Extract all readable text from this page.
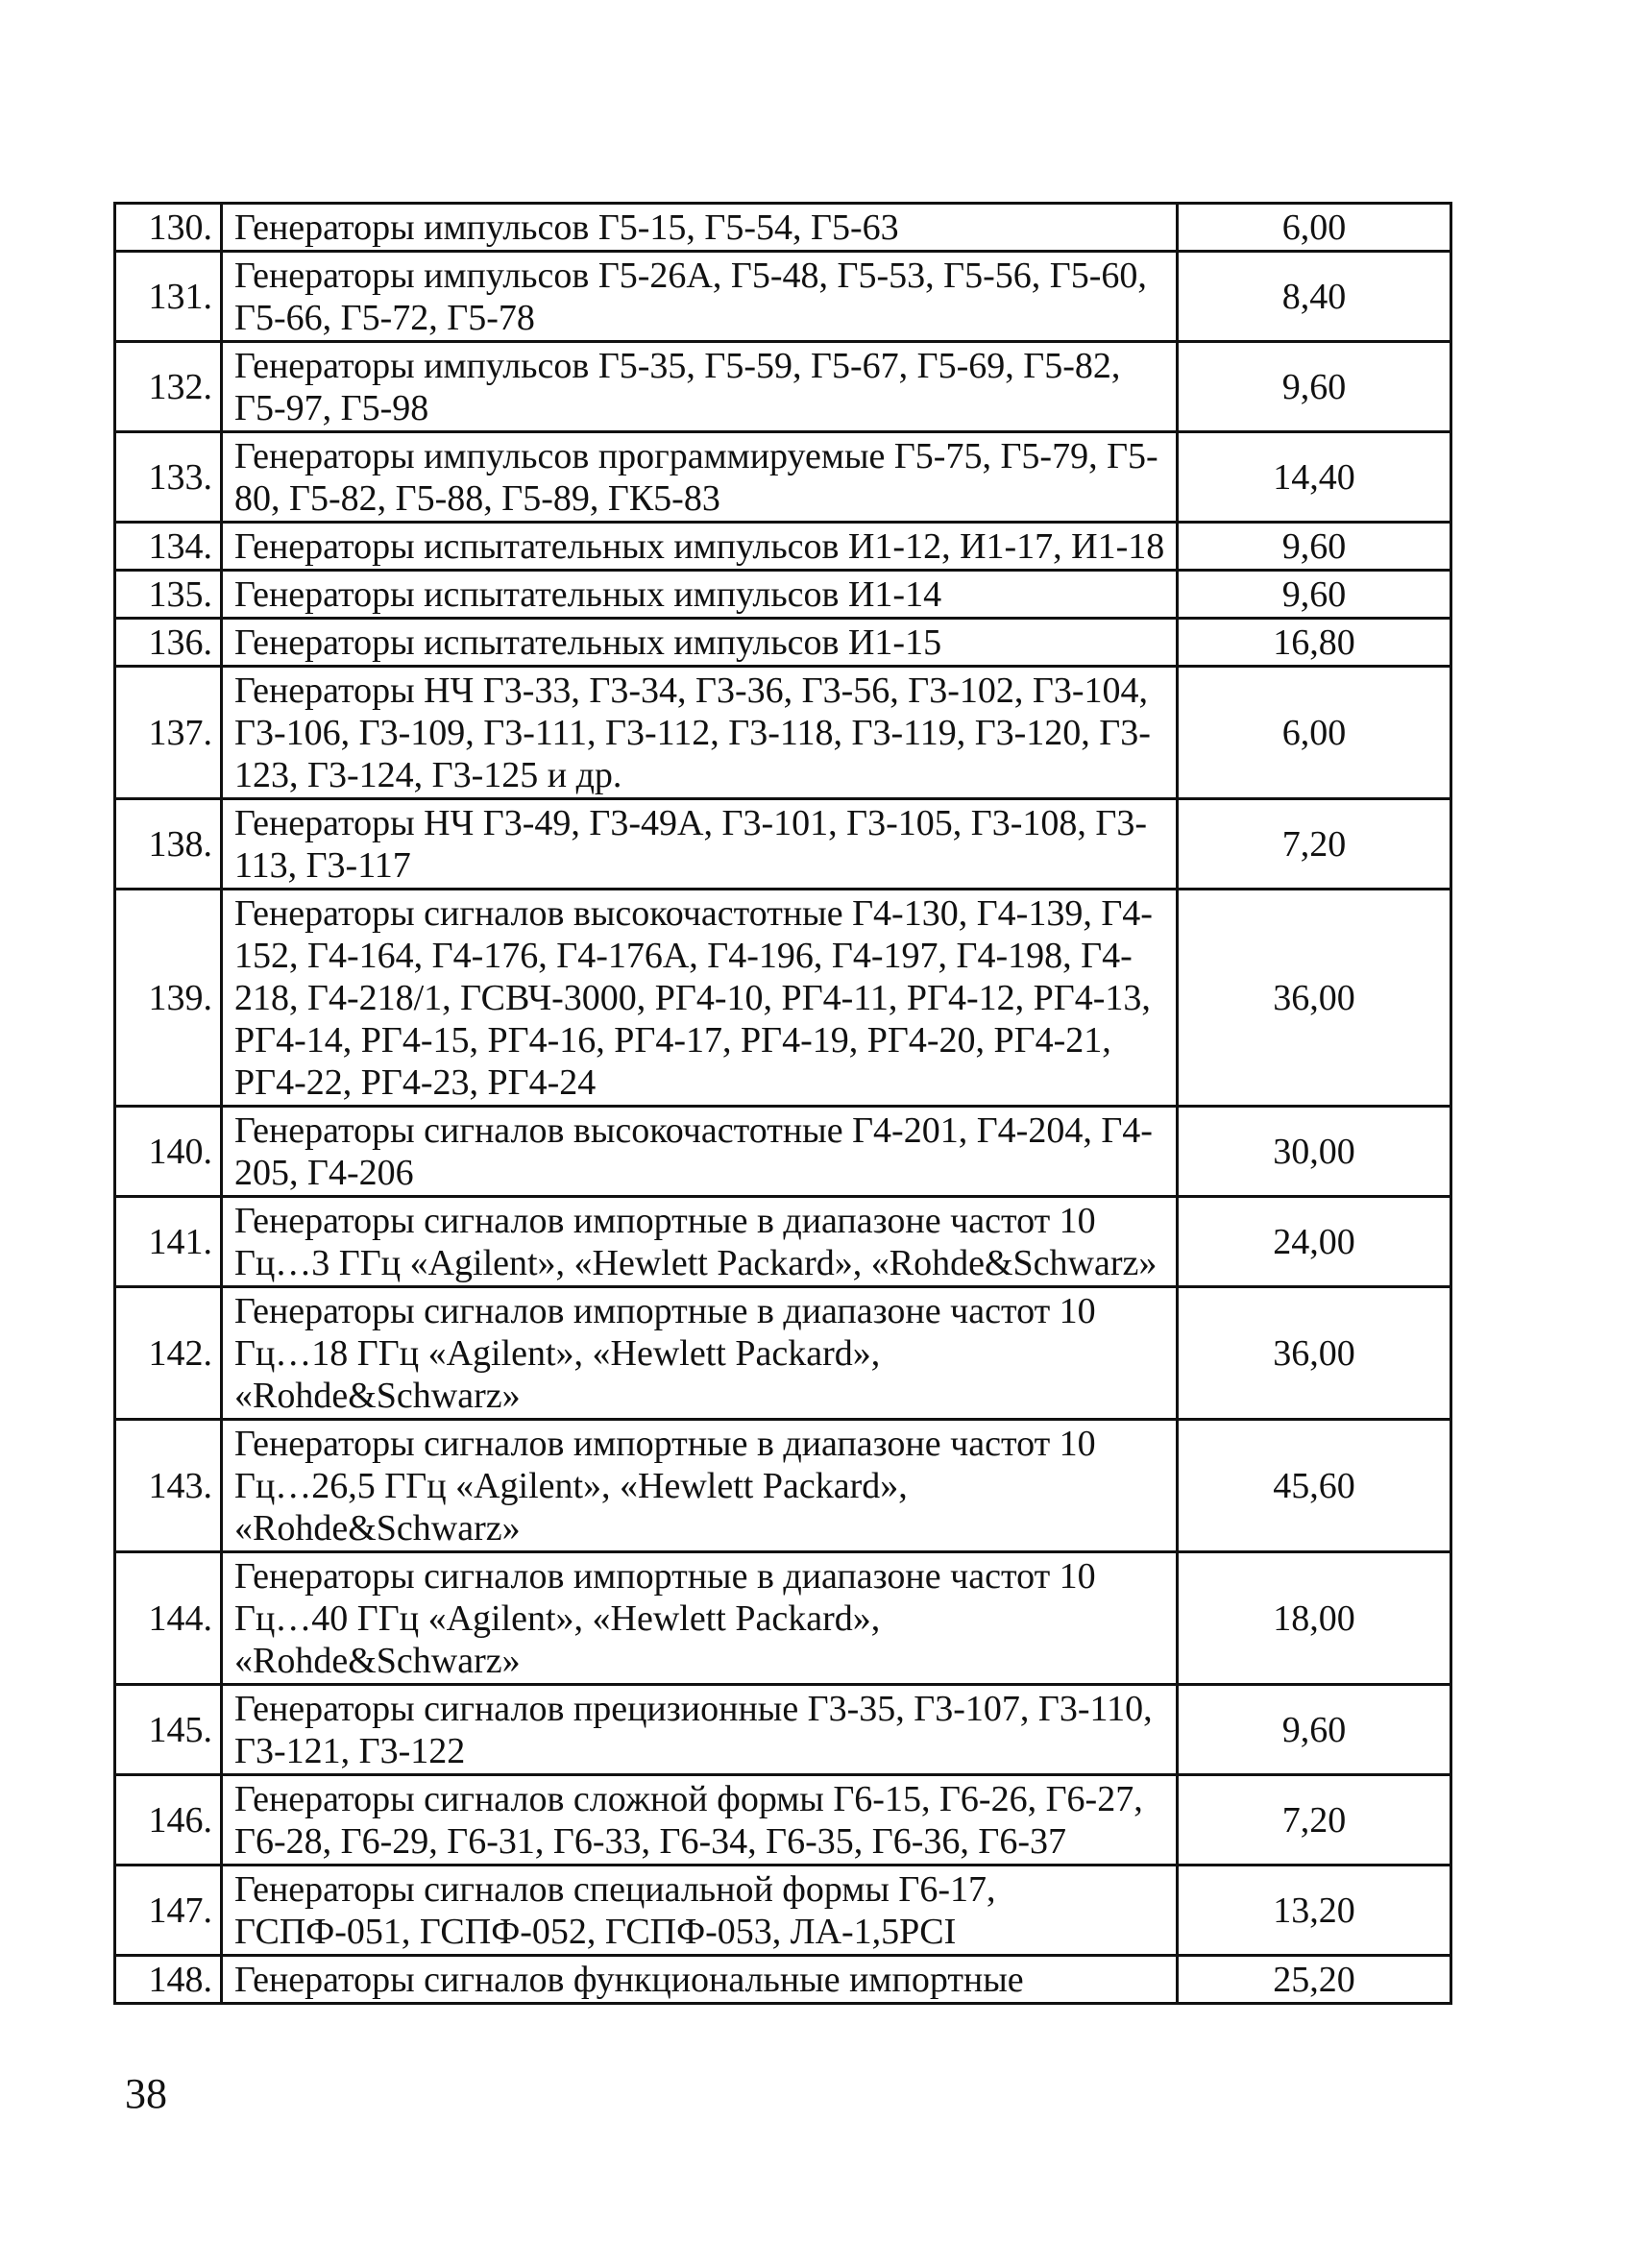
130.	Генераторы импульсов Г5-15, Г5-54, Г5-63	6,00
131.	Генераторы импульсов Г5-26А, Г5-48, Г5-53, Г5-56, Г5-60, Г5-66, Г5-72, Г5-78	8,40
132.	Генераторы импульсов Г5-35, Г5-59, Г5-67, Г5-69, Г5-82, Г5-97, Г5-98	9,60
133.	Генераторы импульсов программируемые Г5-75, Г5-79, Г5-80, Г5-82, Г5-88, Г5-89, ГК5-83	14,40
134.	Генераторы испытательных импульсов И1-12, И1-17, И1-18	9,60
135.	Генераторы испытательных импульсов И1-14	9,60
136.	Генераторы испытательных импульсов И1-15	16,80
137.	Генераторы НЧ Г3-33, Г3-34, Г3-36, Г3-56, Г3-102, Г3-104, Г3-106, Г3-109, Г3-111, Г3-112, Г3-118, Г3-119, Г3-120, Г3-123, Г3-124, Г3-125 и др.	6,00
138.	Генераторы НЧ Г3-49, Г3-49А, Г3-101, Г3-105, Г3-108, Г3-113, Г3-117	7,20
139.	Генераторы сигналов высокочастотные Г4-130, Г4-139, Г4-152, Г4-164, Г4-176, Г4-176А, Г4-196, Г4-197, Г4-198, Г4-218, Г4-218/1, ГСВЧ-3000, РГ4-10, РГ4-11, РГ4-12, РГ4-13, РГ4-14, РГ4-15, РГ4-16, РГ4-17, РГ4-19, РГ4-20, РГ4-21, РГ4-22, РГ4-23, РГ4-24	36,00
140.	Генераторы сигналов высокочастотные Г4-201, Г4-204, Г4-205, Г4-206	30,00
141.	Генераторы сигналов импортные в диапазоне частот 10 Гц…3 ГГц «Agilent», «Hewlett Packard», «Rohde&Schwarz»	24,00
142.	Генераторы сигналов импортные в диапазоне частот 10 Гц…18 ГГц «Agilent», «Hewlett Packard», «Rohde&Schwarz»	36,00
143.	Генераторы сигналов импортные в диапазоне частот 10 Гц…26,5 ГГц «Agilent», «Hewlett Packard», «Rohde&Schwarz»	45,60
144.	Генераторы сигналов импортные в диапазоне частот 10 Гц…40 ГГц «Agilent», «Hewlett Packard», «Rohde&Schwarz»	18,00
145.	Генераторы сигналов прецизионные Г3-35, Г3-107, Г3-110, Г3-121, Г3-122	9,60
146.	Генераторы сигналов сложной формы Г6-15, Г6-26, Г6-27, Г6-28, Г6-29, Г6-31, Г6-33, Г6-34, Г6-35, Г6-36, Г6-37	7,20
147.	Генераторы сигналов специальной формы Г6-17, ГСПФ-051, ГСПФ-052, ГСПФ-053, ЛА-1,5PCI	13,20
148.	Генераторы сигналов функциональные импортные	25,20
38
